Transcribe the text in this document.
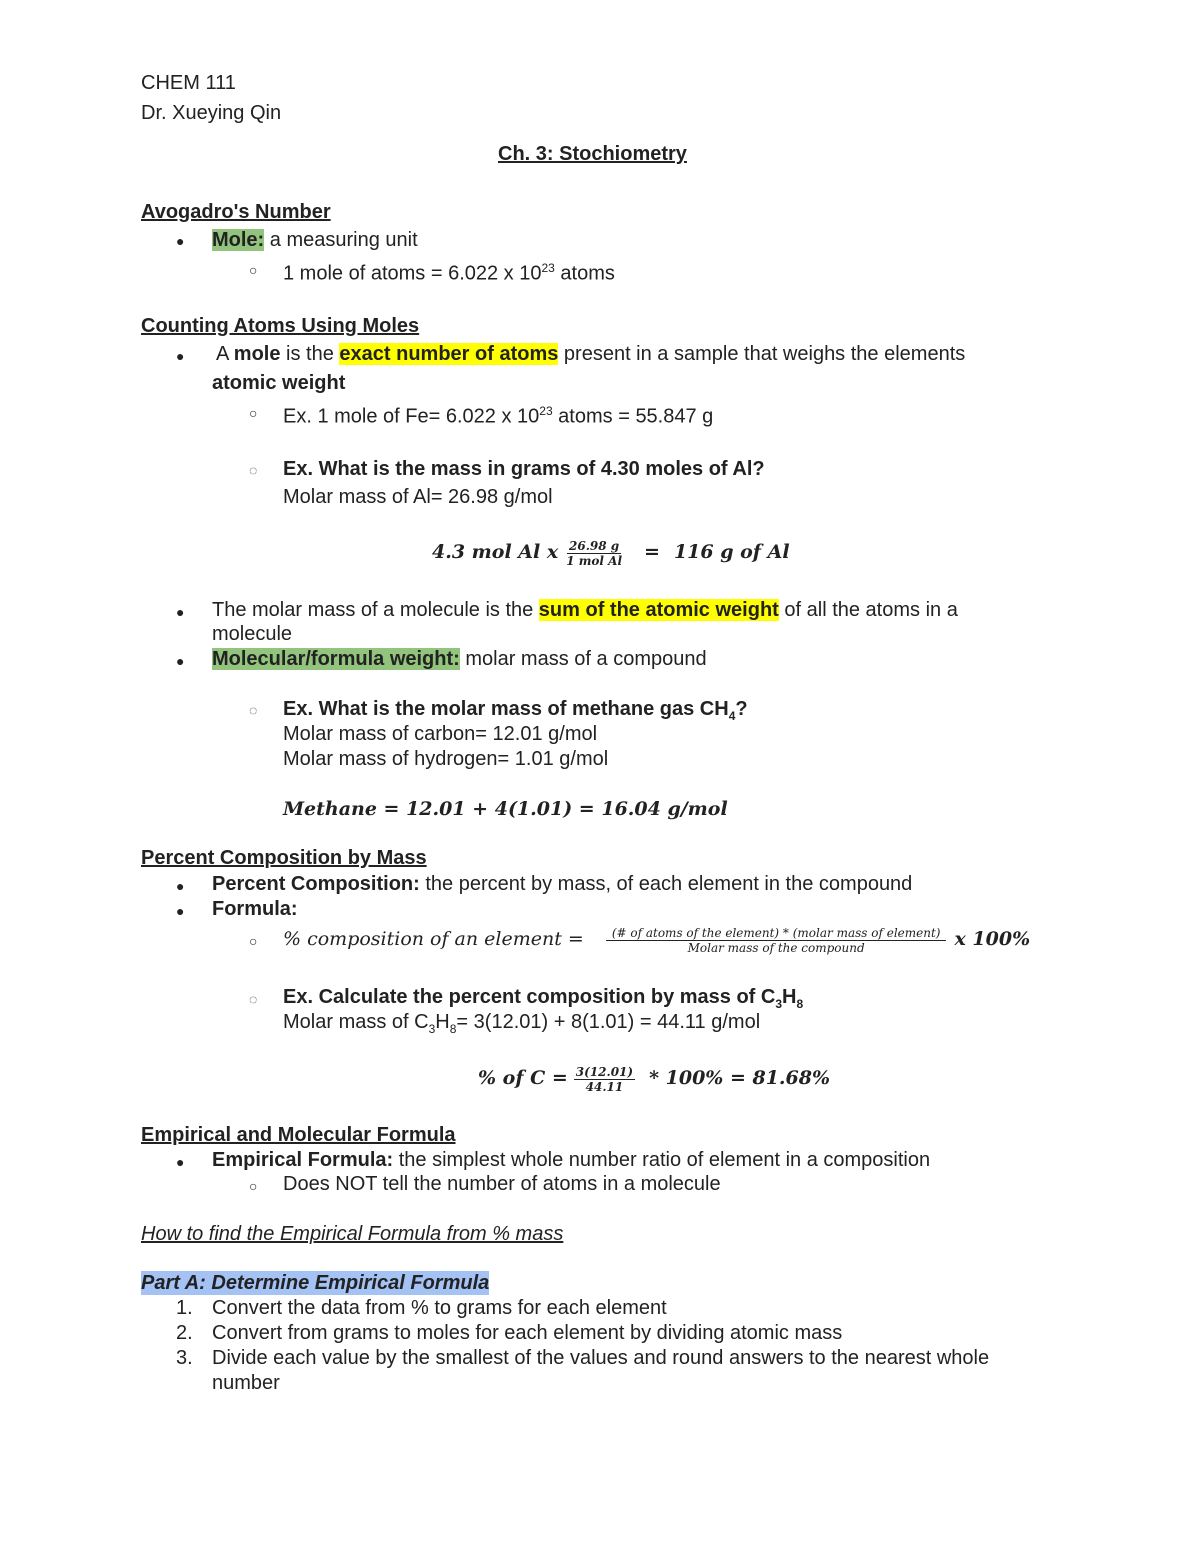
CHEM 111
Dr. Xueying Qin
Ch. 3: Stochiometry
Avogadro's Number
● Mole: a measuring unit
○ 1 mole of atoms = 6.022 x $10^{23}$ atoms
Counting Atoms Using Moles
● A mole is the exact number of atoms present in a sample that weighs the elements
atomic weight
○ Ex. 1 mole of Fe= 6.022 x $10^{23}$ atoms = 55.847 g
◌ Ex. What is the mass in grams of 4.30 moles of Al?
Molar mass of Al= 26.98 g/mol
4.3 mol Al x $\frac{26.98 g}{\text{1 mol Al}} = 116$ g of Al
● The molar mass of a molecule is the sum of the atomic weight of all the atoms in a
molecule
● Molecular/formula weight: molar mass of a compound
◌ Ex. What is the molar mass of methane gas $CH_4$?
Molar mass of carbon= 12.01 g/mol
Molar mass of hydrogen= 1.01 g/mol
Methane = 12.01 + 4(1.01) = 16.04 g/mol
Percent Composition by Mass
● Percent Composition: the percent by mass, of each element in the compound
● Formula:
○ % composition of an element = $\frac{\text{(\# of atoms of the element) * (molar mass of element)}}{\text{Molar mass of the compound}}$ x 100%
◌ Ex. Calculate the percent composition by mass of $C_3H_8$
Molar mass of $C_3H_8= 3(12.01) + 8(1.01) = 44.11$ g/mol
% of $C = \frac{3(12.01)}{44.11} * 100\% = 81.68\%$
Empirical and Molecular Formula
● Empirical Formula: the simplest whole number ratio of element in a composition
○ Does NOT tell the number of atoms in a molecule
How to find the Empirical Formula from % mass
Part A: Determine Empirical Formula
1. Convert the data from % to grams for each element
2. Convert from grams to moles for each element by dividing atomic mass
3. Divide each value by the smallest of the values and round answers to the nearest whole
number
